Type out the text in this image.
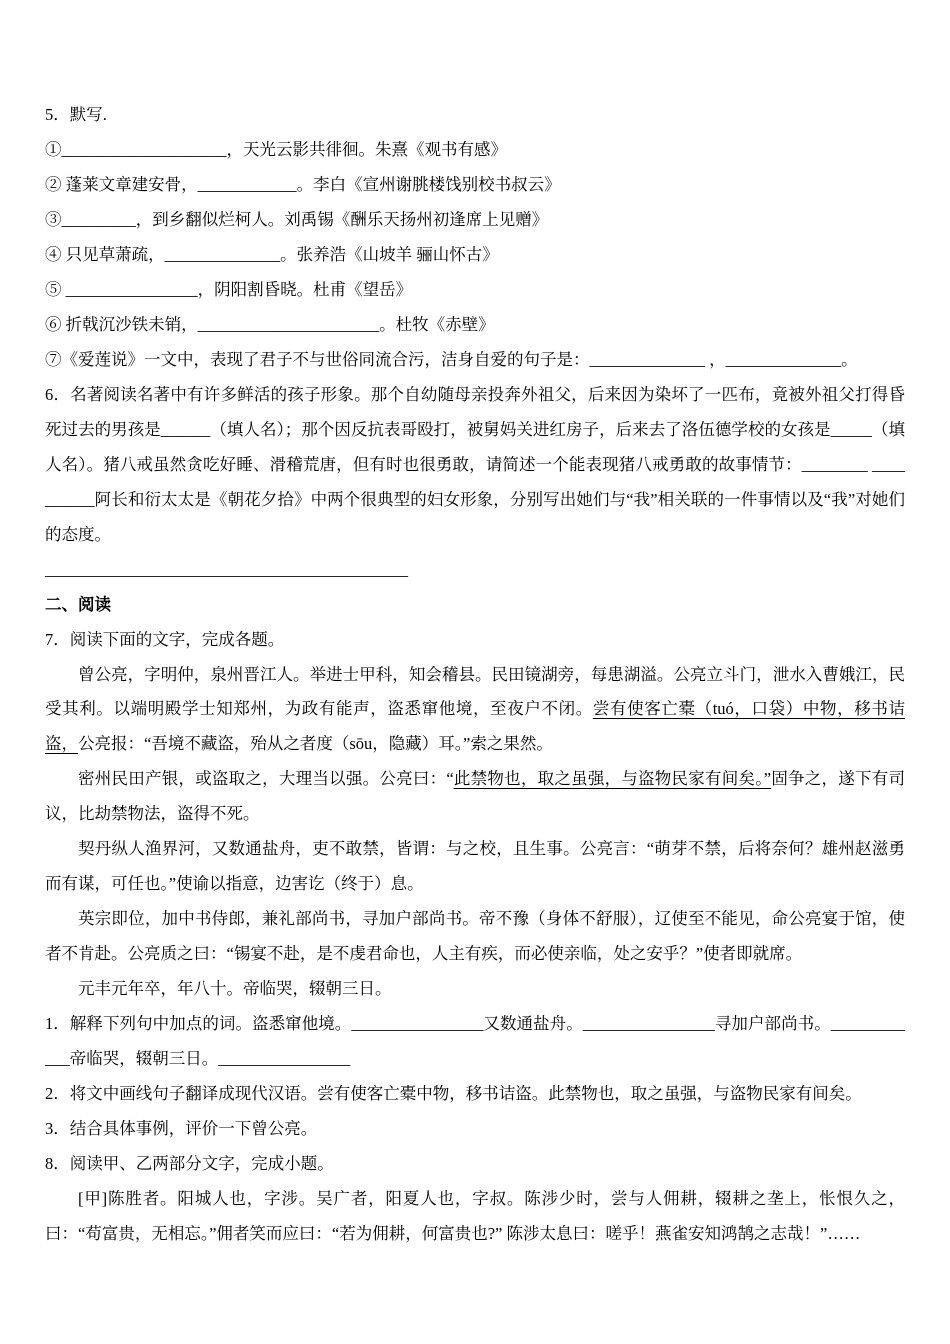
5．默写.

①____________________，天光云影共徘徊。朱熹《观书有感》

② 蓬莱文章建安骨，____________。李白《宣州谢朓楼饯别校书叔云》

③_________，到乡翻似烂柯人。刘禹锡《酬乐天扬州初逢席上见赠》

④ 只见草萧疏，______________。张养浩《山坡羊 骊山怀古》

⑤ ________________，阴阳割昏晓。杜甫《望岳》

⑥ 折戟沉沙铁未销，______________________。杜牧《赤壁》

⑦《爱莲说》一文中，表现了君子不与世俗同流合污，洁身自爱的句子是：______________ ，______________。

6．名著阅读名著中有许多鲜活的孩子形象。那个自幼随母亲投奔外祖父，后来因为染坏了一匹布，竟被外祖父打得昏死过去的男孩是______（填人名）；那个因反抗表哥殴打，被舅妈关进红房子，后来去了洛伍德学校的女孩是_____（填人名）。猪八戒虽然贪吃好睡、滑稽荒唐，但有时也很勇敢，请简述一个能表现猪八戒勇敢的故事情节：________ __________阿长和衍太太是《朝花夕拾》中两个很典型的妇女形象，分别写出她们与“我”相关联的一件事情以及“我”对她们的态度。

____________________________________________

二、阅读

7．阅读下面的文字，完成各题。

曾公亮，字明仲，泉州晋江人。举进士甲科，知会稽县。民田镜湖旁，每患湖溢。公亮立斗门，泄水入曹娥江，民受其利。以端明殿学士知郑州，为政有能声，盗悉窜他境，至夜户不闭。尝有使客亡橐（tuó，口袋）中物，移书诘盗，公亮报：“吾境不藏盗，殆从之者度（sōu，隐藏）耳。”索之果然。

密州民田产银，或盗取之，大理当以强。公亮曰：“此禁物也，取之虽强，与盗物民家有间矣。”固争之，遂下有司议，比劫禁物法，盗得不死。

契丹纵人渔界河，又数通盐舟，吏不敢禁，皆谓：与之校，且生事。公亮言：“萌芽不禁，后将奈何？雄州赵滋勇而有谋，可任也。”使谕以指意，边害讫（终于）息。

英宗即位，加中书侍郎，兼礼部尚书，寻加户部尚书。帝不豫（身体不舒服），辽使至不能见，命公亮宴于馆，使者不肯赴。公亮质之曰：“锡宴不赴，是不虔君命也，人主有疾，而必使亲临，处之安乎？”使者即就席。

元丰元年卒，年八十。帝临哭，辍朝三日。

1．解释下列句中加点的词。盗悉窜他境。________________又数通盐舟。________________寻加户部尚书。____________帝临哭，辍朝三日。________________

2．将文中画线句子翻译成现代汉语。尝有使客亡橐中物，移书诘盗。此禁物也，取之虽强，与盗物民家有间矣。

3．结合具体事例，评价一下曾公亮。

8．阅读甲、乙两部分文字，完成小题。

[甲]陈胜者。阳城人也，字涉。吴广者，阳夏人也，字叔。陈涉少时，尝与人佣耕，辍耕之垄上，怅恨久之，曰：“苟富贵，无相忘。”佣者笑而应曰：“若为佣耕，何富贵也?” 陈涉太息曰：嗟乎！燕雀安知鸿鹄之志哉！”……
